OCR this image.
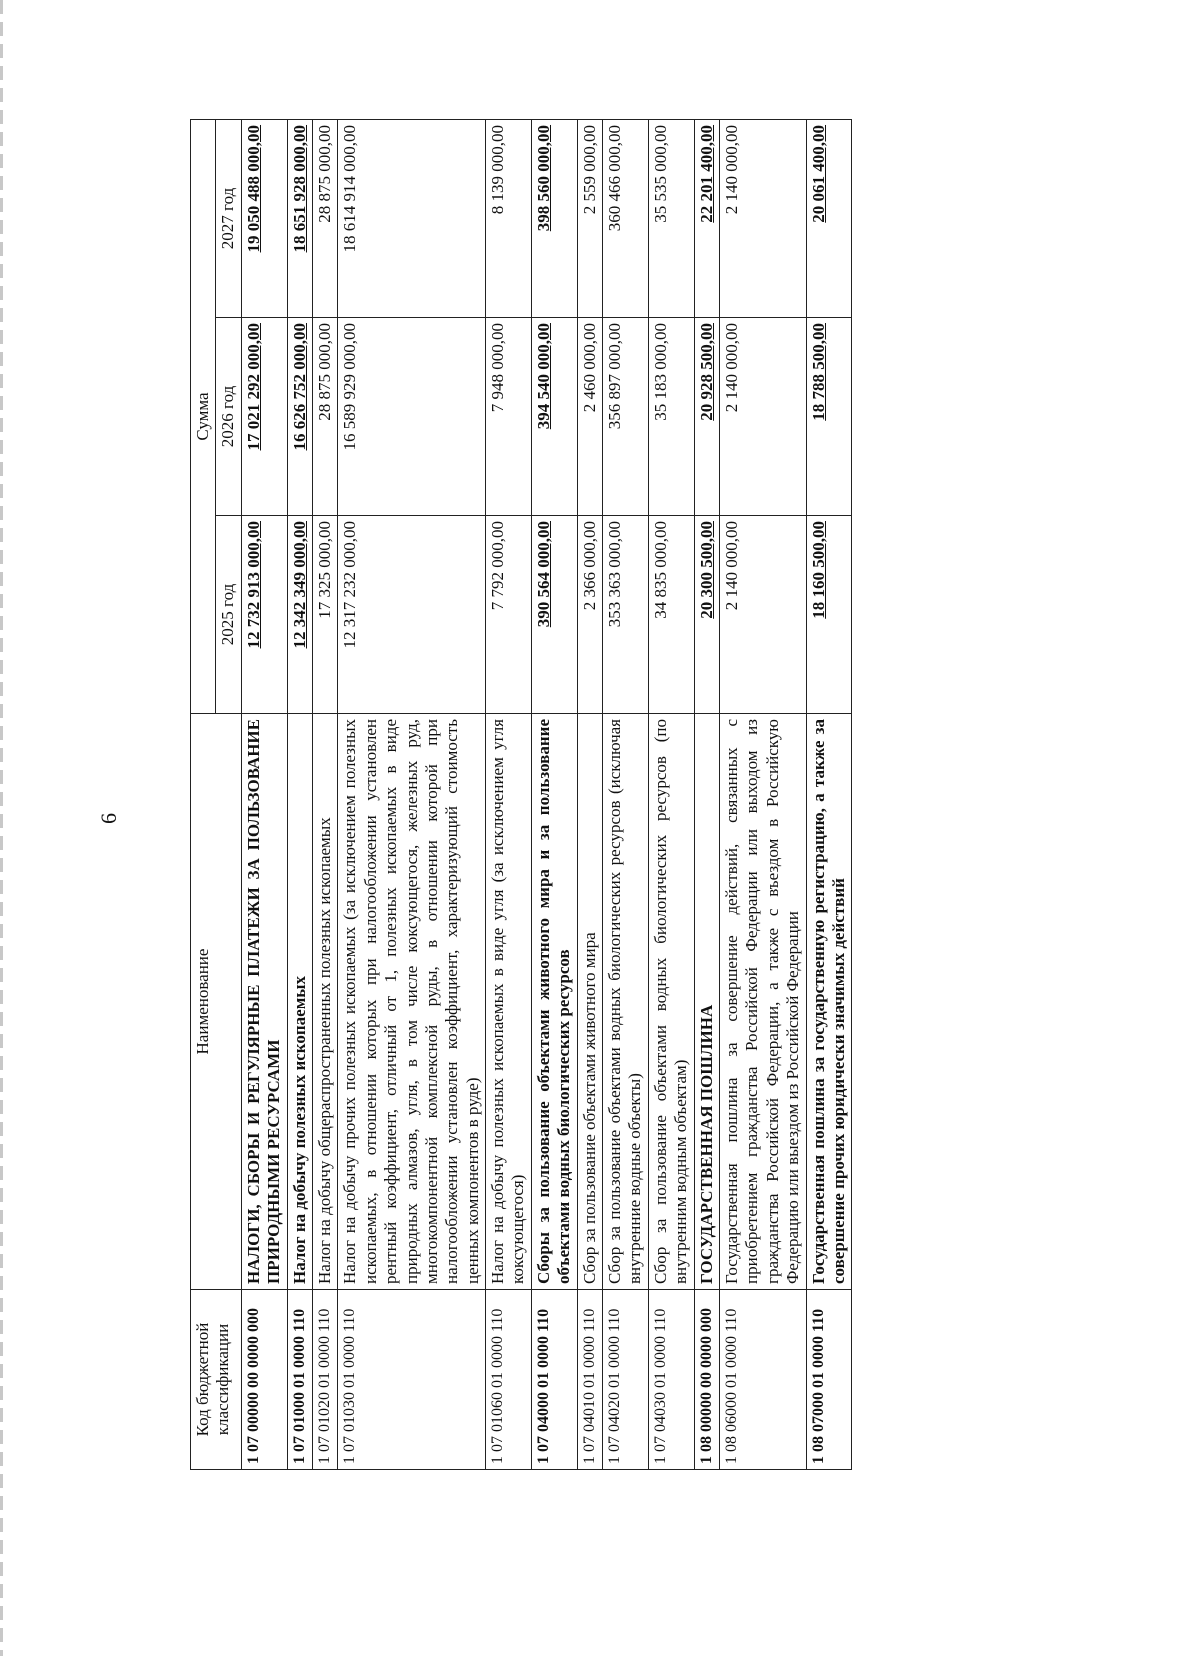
6
Код бюджетной классификации	Наименование	Сумма		
		2025 год	2026 год	2027 год
1 07 00000 00 0000 000	НАЛОГИ, СБОРЫ И РЕГУЛЯРНЫЕ ПЛАТЕЖИ ЗА ПОЛЬЗОВАНИЕ ПРИРОДНЫМИ РЕСУРСАМИ	12 732 913 000,00	17 021 292 000,00	19 050 488 000,00
1 07 01000 01 0000 110	Налог на добычу полезных ископаемых	12 342 349 000,00	16 626 752 000,00	18 651 928 000,00
1 07 01020 01 0000 110	Налог на добычу общераспространенных полезных ископаемых	17 325 000,00	28 875 000,00	28 875 000,00
1 07 01030 01 0000 110	Налог на добычу прочих полезных ископаемых (за исключением полезных ископаемых, в отношении которых при налогообложении установлен рентный коэффициент, отличный от 1, полезных ископаемых в виде природных алмазов, угля, в том числе коксующегося, железных руд, многокомпонентной комплексной руды, в отношении которой при налогообложении установлен коэффициент, характеризующий стоимость ценных компонентов в руде)	12 317 232 000,00	16 589 929 000,00	18 614 914 000,00
1 07 01060 01 0000 110	Налог на добычу полезных ископаемых в виде угля (за исключением угля коксующегося)	7 792 000,00	7 948 000,00	8 139 000,00
1 07 04000 01 0000 110	Сборы за пользование объектами животного мира и за пользование объектами водных биологических ресурсов	390 564 000,00	394 540 000,00	398 560 000,00
1 07 04010 01 0000 110	Сбор за пользование объектами животного мира	2 366 000,00	2 460 000,00	2 559 000,00
1 07 04020 01 0000 110	Сбор за пользование объектами водных биологических ресурсов (исключая внутренние водные объекты)	353 363 000,00	356 897 000,00	360 466 000,00
1 07 04030 01 0000 110	Сбор за пользование объектами водных биологических ресурсов (по внутренним водным объектам)	34 835 000,00	35 183 000,00	35 535 000,00
1 08 00000 00 0000 000	ГОСУДАРСТВЕННАЯ ПОШЛИНА	20 300 500,00	20 928 500,00	22 201 400,00
1 08 06000 01 0000 110	Государственная пошлина за совершение действий, связанных с приобретением гражданства Российской Федерации или выходом из гражданства Российской Федерации, а также с въездом в Российскую Федерацию или выездом из Российской Федерации	2 140 000,00	2 140 000,00	2 140 000,00
1 08 07000 01 0000 110	Государственная пошлина за государственную регистрацию, а также за совершение прочих юридически значимых действий	18 160 500,00	18 788 500,00	20 061 400,00
